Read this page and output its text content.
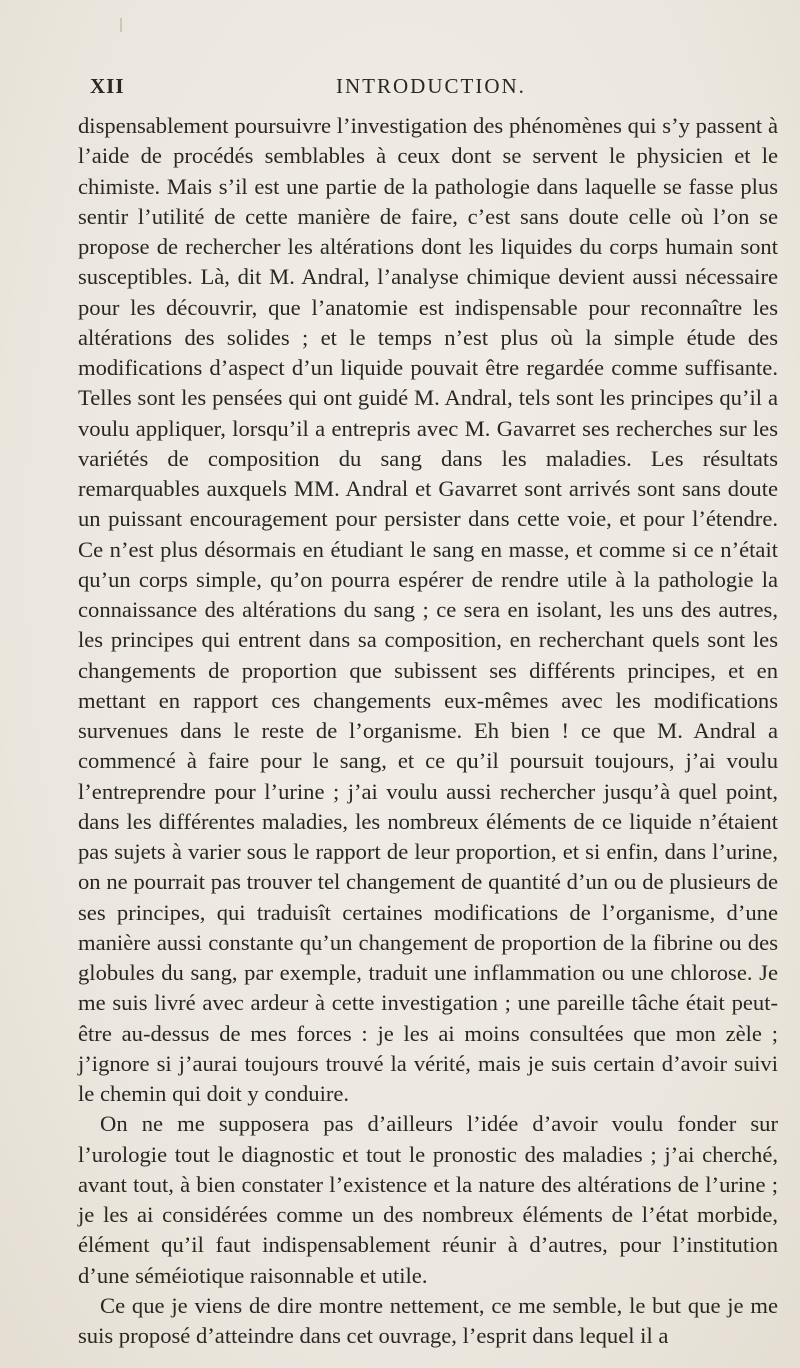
XII	INTRODUCTION.

dispensablement poursuivre l’investigation des phénomènes qui s’y passent à l’aide de procédés semblables à ceux dont se servent le physicien et le chimiste. Mais s’il est une partie de la pathologie dans laquelle se fasse plus sentir l’utilité de cette manière de faire, c’est sans doute celle où l’on se propose de rechercher les altérations dont les liquides du corps humain sont susceptibles. Là, dit M. Andral, l’analyse chimique devient aussi nécessaire pour les découvrir, que l’anatomie est indispensable pour reconnaître les altérations des solides ; et le temps n’est plus où la simple étude des modifications d’aspect d’un liquide pouvait être regardée comme suffisante. Telles sont les pensées qui ont guidé M. Andral, tels sont les principes qu’il a voulu appliquer, lorsqu’il a entrepris avec M. Gavarret ses recherches sur les variétés de composition du sang dans les maladies. Les résultats remarquables auxquels MM. Andral et Gavarret sont arrivés sont sans doute un puissant encouragement pour persister dans cette voie, et pour l’étendre. Ce n’est plus désormais en étudiant le sang en masse, et comme si ce n’était qu’un corps simple, qu’on pourra espérer de rendre utile à la pathologie la connaissance des altérations du sang ; ce sera en isolant, les uns des autres, les principes qui entrent dans sa composition, en recherchant quels sont les changements de proportion que subissent ses différents principes, et en mettant en rapport ces changements eux-mêmes avec les modifications survenues dans le reste de l’organisme. Eh bien ! ce que M. Andral a commencé à faire pour le sang, et ce qu’il poursuit toujours, j’ai voulu l’entreprendre pour l’urine ; j’ai voulu aussi rechercher jusqu’à quel point, dans les différentes maladies, les nombreux éléments de ce liquide n’étaient pas sujets à varier sous le rapport de leur proportion, et si enfin, dans l’urine, on ne pourrait pas trouver tel changement de quantité d’un ou de plusieurs de ses principes, qui traduisît certaines modifications de l’organisme, d’une manière aussi constante qu’un changement de proportion de la fibrine ou des globules du sang, par exemple, traduit une inflammation ou une chlorose. Je me suis livré avec ardeur à cette investigation ; une pareille tâche était peut-être au-dessus de mes forces : je les ai moins consultées que mon zèle ; j’ignore si j’aurai toujours trouvé la vérité, mais je suis certain d’avoir suivi le chemin qui doit y conduire.

On ne me supposera pas d’ailleurs l’idée d’avoir voulu fonder sur l’urologie tout le diagnostic et tout le pronostic des maladies ; j’ai cherché, avant tout, à bien constater l’existence et la nature des altérations de l’urine ; je les ai considérées comme un des nombreux éléments de l’état morbide, élément qu’il faut indispensablement réunir à d’autres, pour l’institution d’une séméiotique raisonnable et utile.

Ce que je viens de dire montre nettement, ce me semble, le but que je me suis proposé d’atteindre dans cet ouvrage, l’esprit dans lequel il a
